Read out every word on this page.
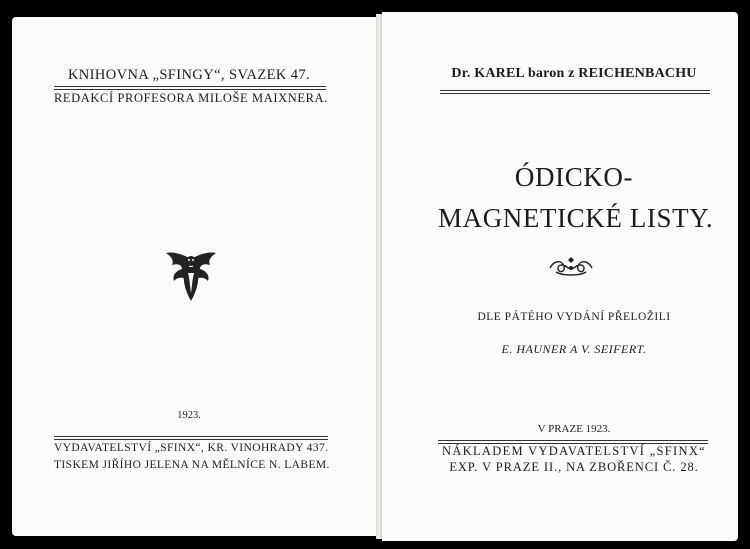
KNIHOVNA „SFINGY“, SVAZEK 47.
REDAKCÍ PROFESORA MILOŠE MAIXNERA.
1923.
VYDAVATELSTVÍ „SFINX“, KR. VINOHRADY 437.
TISKEM JIŘÍHO JELENA NA MĚLNÍCE N. LABEM.
Dr. KAREL baron z REICHENBACHU
ÓDICKO-
MAGNETICKÉ LISTY.
DLE PÁTÉHO VYDÁNÍ PŘELOŽILI
E. HAUNER A V. SEIFERT.
V PRAZE 1923.
NÁKLADEM VYDAVATELSTVÍ „SFINX“
EXP. V PRAZE II., NA ZBOŘENCI Č. 28.
